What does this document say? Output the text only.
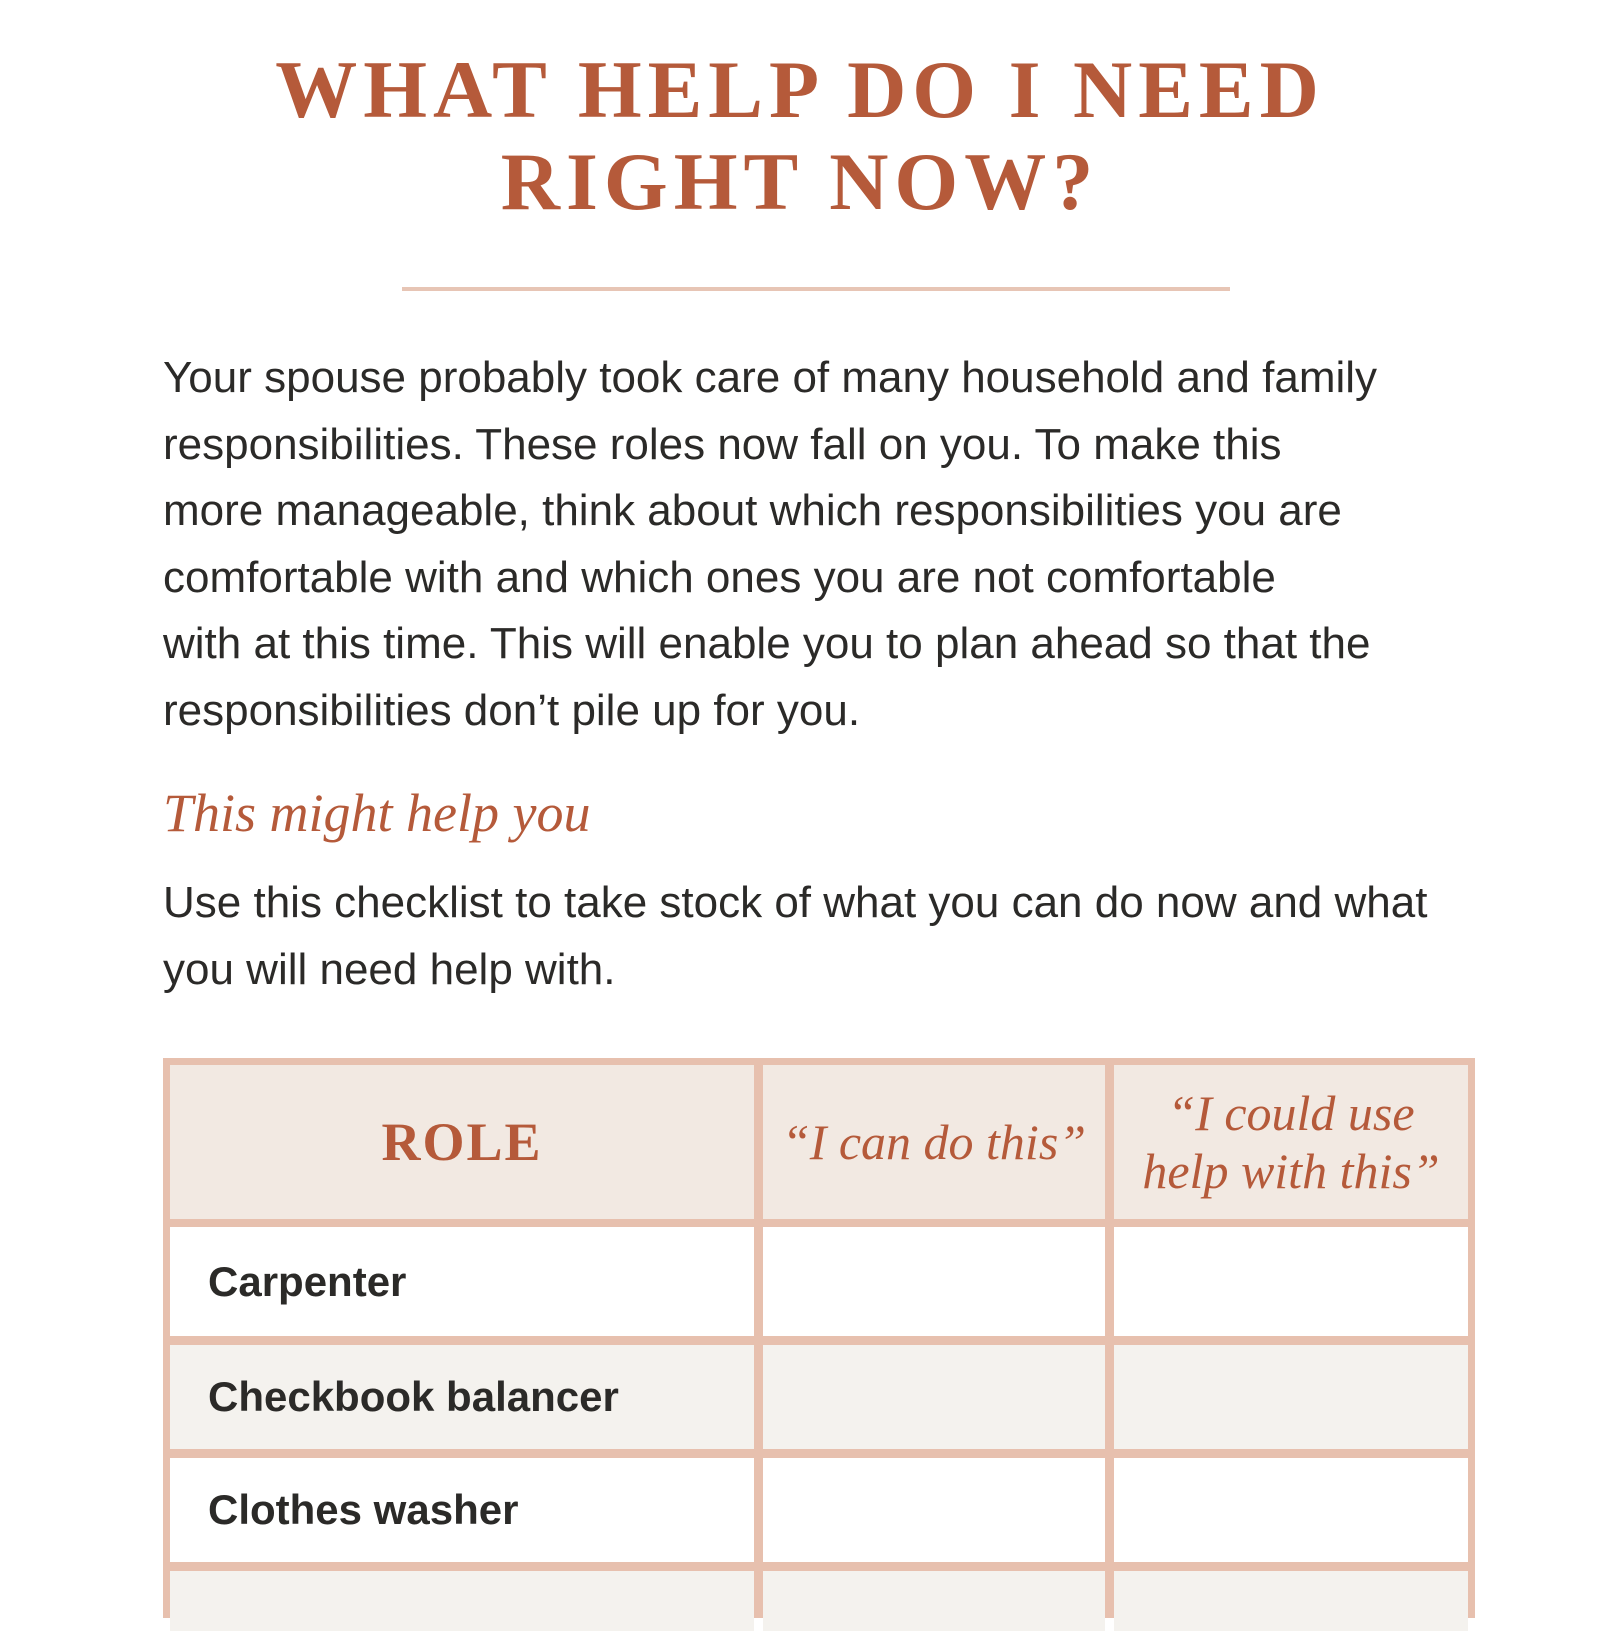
WHAT HELP DO I NEED
RIGHT NOW?
Your spouse probably took care of many household and family
responsibilities. These roles now fall on you. To make this
more manageable, think about which responsibilities you are
comfortable with and which ones you are not comfortable
with at this time. This will enable you to plan ahead so that the
responsibilities don’t pile up for you.
This might help you
Use this checklist to take stock of what you can do now and what
you will need help with.
ROLE	“I can do this”
“I could use
help with this”
Carpenter
Checkbook balancer
Clothes washer
